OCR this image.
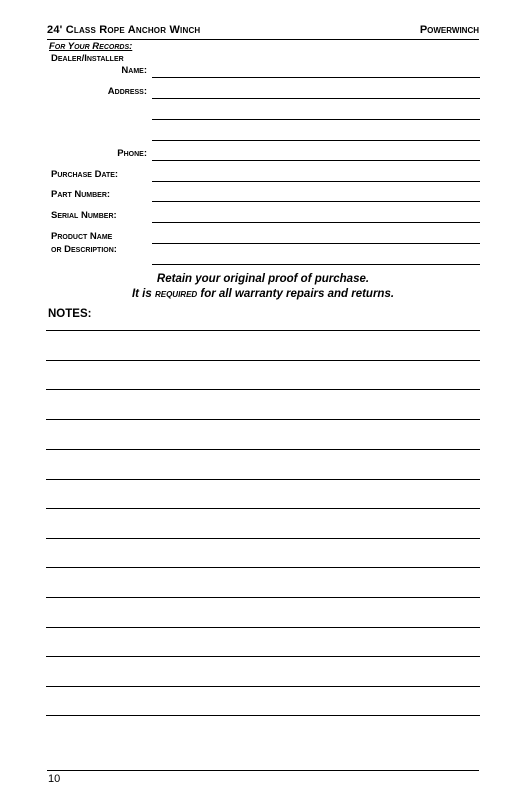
24' Class Rope Anchor Winch	Powerwinch
For Your Records:
Dealer/Installer
Name:
Address:
Phone:
Purchase Date:
Part Number:
Serial Number:
Product Name
or Description:
Retain your original proof of purchase.
It is required for all warranty repairs and returns.
NOTES:
10
